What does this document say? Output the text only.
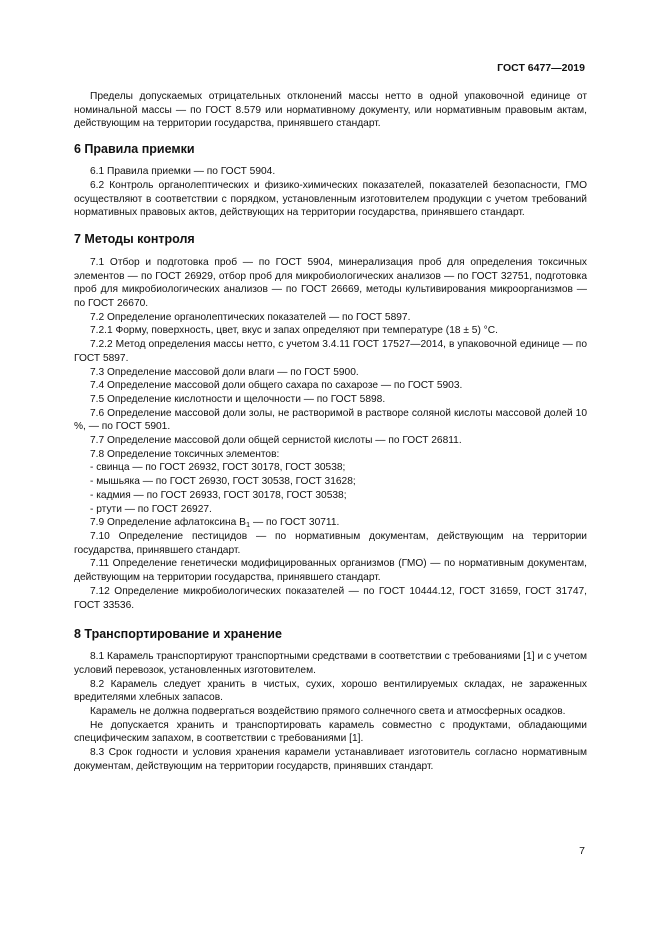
ГОСТ 6477—2019

Пределы допускаемых отрицательных отклонений массы нетто в одной упаковочной единице от номинальной массы — по ГОСТ 8.579 или нормативному документу, или нормативным правовым актам, действующим на территории государства, принявшего стандарт.

6 Правила приемки

6.1 Правила приемки — по ГОСТ 5904.

6.2 Контроль органолептических и физико-химических показателей, показателей безопасности, ГМО осуществляют в соответствии с порядком, установленным изготовителем продукции с учетом требований нормативных правовых актов, действующих на территории государства, принявшего стандарт.

7 Методы контроля

7.1 Отбор и подготовка проб — по ГОСТ 5904, минерализация проб для определения токсичных элементов — по ГОСТ 26929, отбор проб для микробиологических анализов — по ГОСТ 32751, подготовка проб для микробиологических анализов — по ГОСТ 26669, методы культивирования микроорганизмов — по ГОСТ 26670.

7.2 Определение органолептических показателей — по ГОСТ 5897.

7.2.1 Форму, поверхность, цвет, вкус и запах определяют при температуре (18 ± 5) °С.

7.2.2 Метод определения массы нетто, с учетом 3.4.11 ГОСТ 17527—2014, в упаковочной единице — по ГОСТ 5897.

7.3 Определение массовой доли влаги — по ГОСТ 5900.

7.4 Определение массовой доли общего сахара по сахарозе — по ГОСТ 5903.

7.5 Определение кислотности и щелочности — по ГОСТ 5898.

7.6 Определение массовой доли золы, не растворимой в растворе соляной кислоты массовой долей 10 %, — по ГОСТ 5901.

7.7 Определение массовой доли общей сернистой кислоты — по ГОСТ 26811.

7.8 Определение токсичных элементов:

- свинца — по ГОСТ 26932, ГОСТ 30178, ГОСТ 30538;

- мышьяка — по ГОСТ 26930, ГОСТ 30538, ГОСТ 31628;

- кадмия — по ГОСТ 26933, ГОСТ 30178, ГОСТ 30538;

- ртути — по ГОСТ 26927.

7.9 Определение афлатоксина $В_1$ — по ГОСТ 30711.

7.10 Определение пестицидов — по нормативным документам, действующим на территории государства, принявшего стандарт.

7.11 Определение генетически модифицированных организмов (ГМО) — по нормативным документам, действующим на территории государства, принявшего стандарт.

7.12 Определение микробиологических показателей — по ГОСТ 10444.12, ГОСТ 31659, ГОСТ 31747, ГОСТ 33536.

8 Транспортирование и хранение

8.1 Карамель транспортируют транспортными средствами в соответствии с требованиями [1] и с учетом условий перевозок, установленных изготовителем.

8.2 Карамель следует хранить в чистых, сухих, хорошо вентилируемых складах, не зараженных вредителями хлебных запасов.

Карамель не должна подвергаться воздействию прямого солнечного света и атмосферных осадков.

Не допускается хранить и транспортировать карамель совместно с продуктами, обладающими специфическим запахом, в соответствии с требованиями [1].

8.3 Срок годности и условия хранения карамели устанавливает изготовитель согласно нормативным документам, действующим на территории государств, принявших стандарт.

7
